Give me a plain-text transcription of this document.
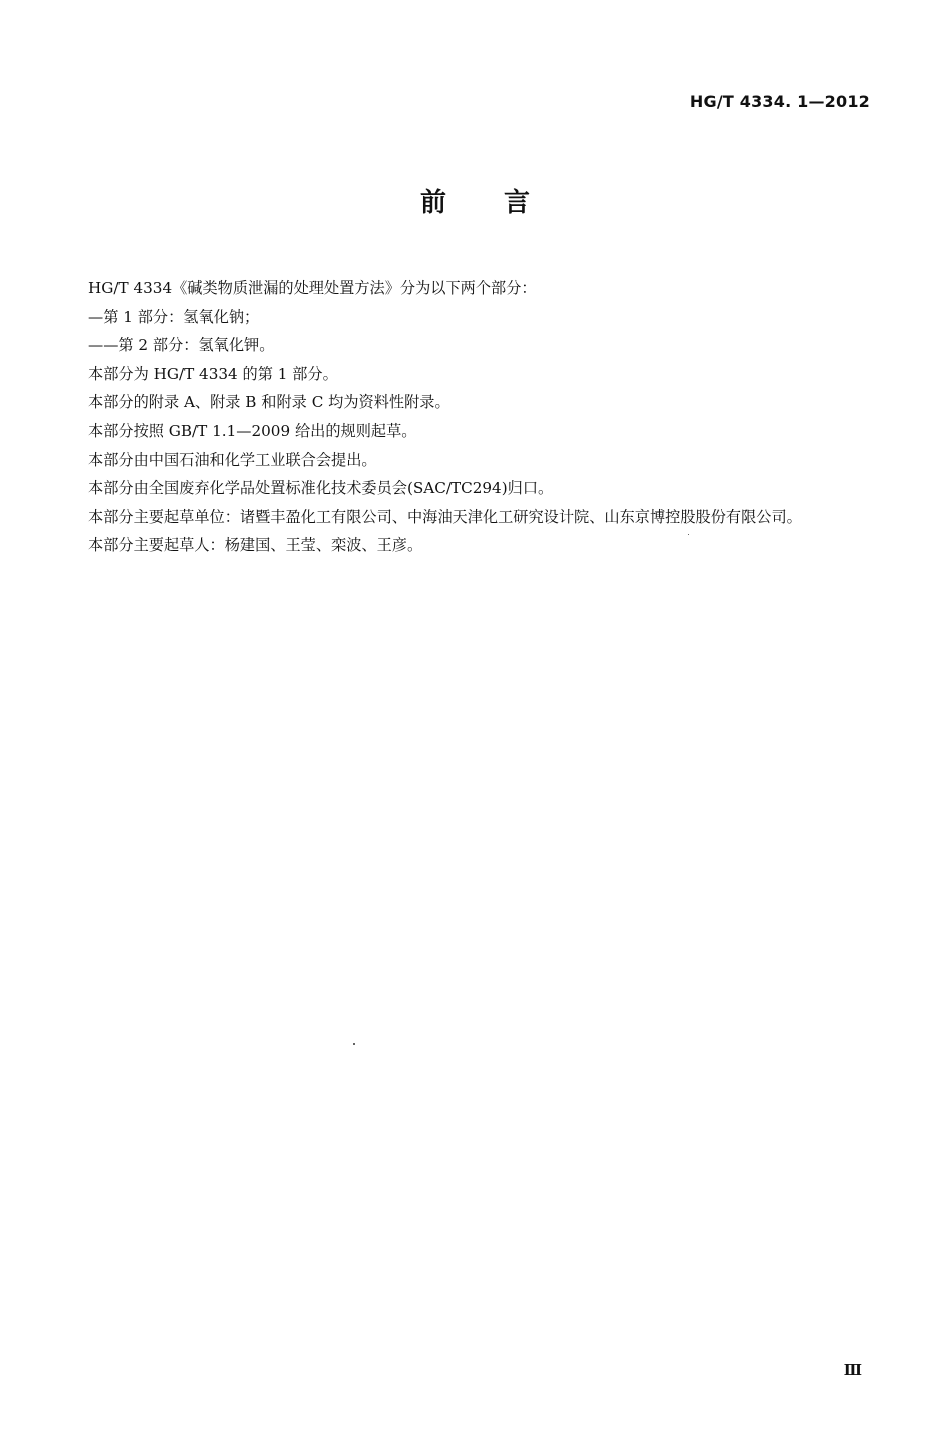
HG/T 4334. 1—2012
前言

HG/T 4334《碱类物质泄漏的处理处置方法》分为以下两个部分：

—第 1 部分：氢氧化钠；

——第 2 部分：氢氧化钾。

本部分为 HG/T 4334 的第 1 部分。

本部分的附录 A、附录 B 和附录 C 均为资料性附录。

本部分按照 GB/T 1.1—2009 给出的规则起草。

本部分由中国石油和化学工业联合会提出。

本部分由全国废弃化学品处置标准化技术委员会(SAC/TC294)归口。

本部分主要起草单位：诸暨丰盈化工有限公司、中海油天津化工研究设计院、山东京博控股股份有限公司。

本部分主要起草人：杨建国、王莹、栾波、王彦。

Ⅲ
